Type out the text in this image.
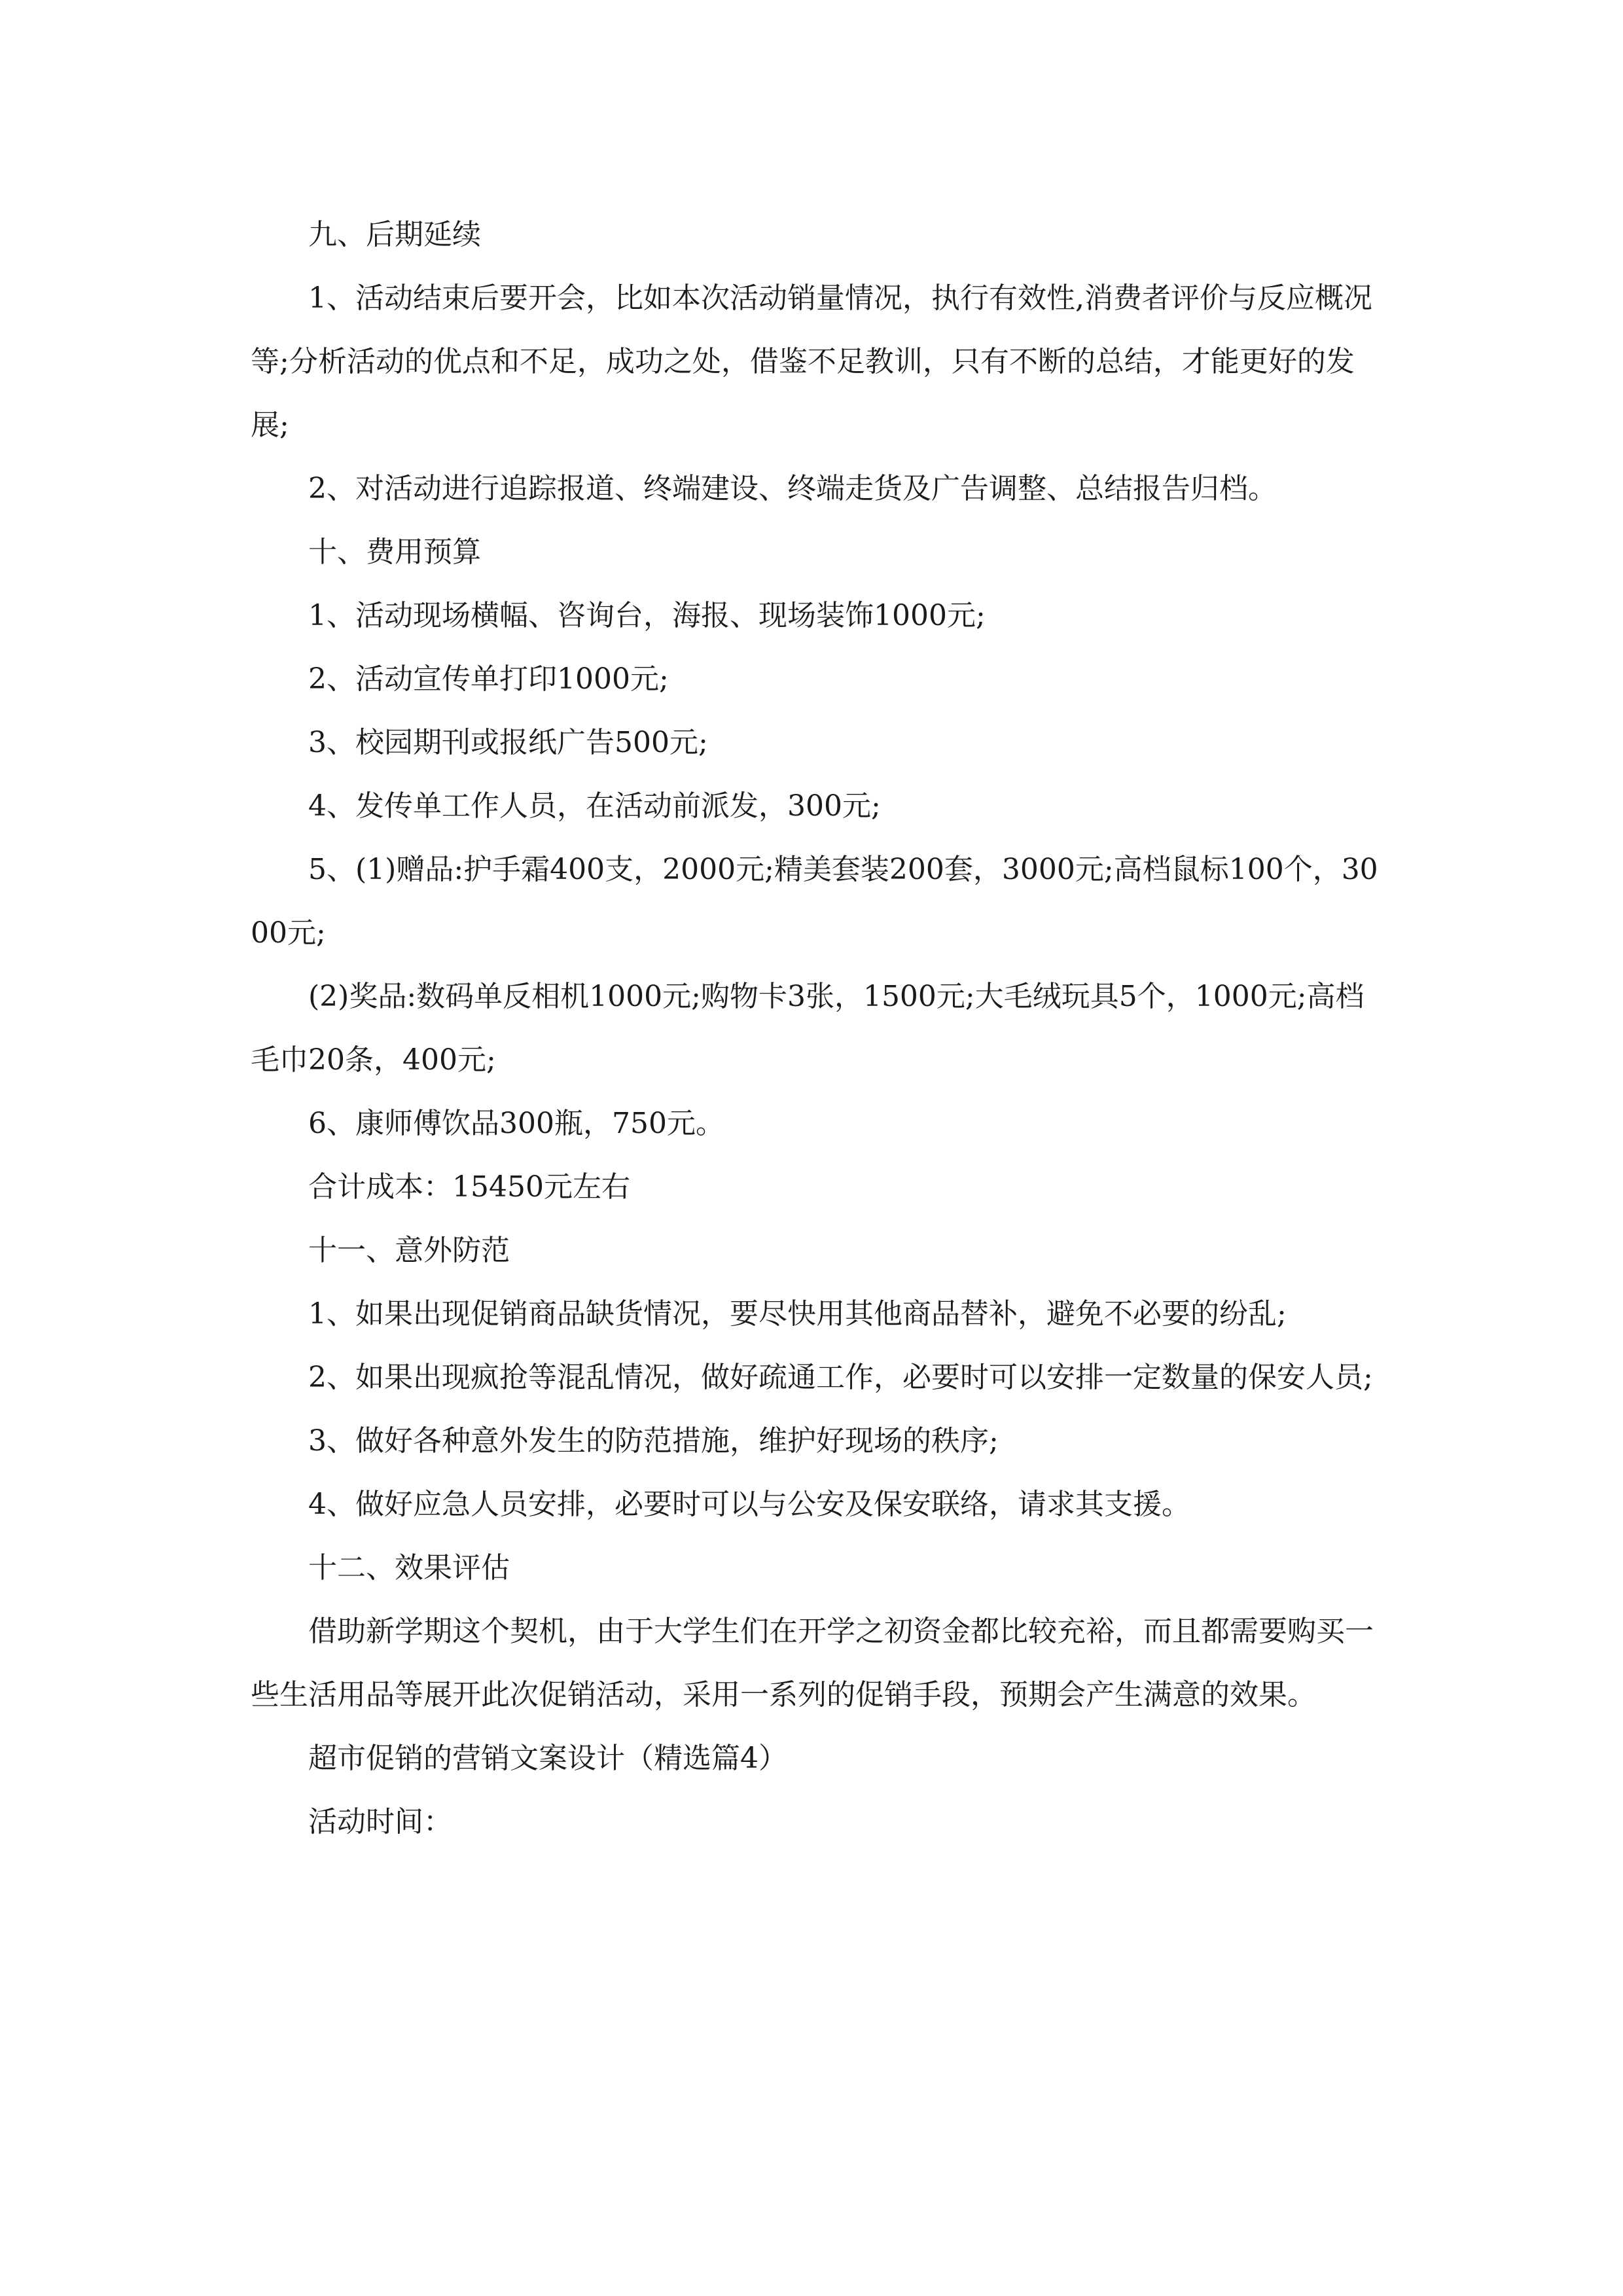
九、后期延续

1、活动结束后要开会，比如本次活动销量情况，执行有效性,消费者评价与反应概况等;分析活动的优点和不足，成功之处，借鉴不足教训，只有不断的总结，才能更好的发展;

2、对活动进行追踪报道、终端建设、终端走货及广告调整、总结报告归档。

十、费用预算

1、活动现场横幅、咨询台，海报、现场装饰1000元;

2、活动宣传单打印1000元;

3、校园期刊或报纸广告500元;

4、发传单工作人员，在活动前派发，300元;

5、(1)赠品:护手霜400支，2000元;精美套装200套，3000元;高档鼠标100个，3000元;

(2)奖品:数码单反相机1000元;购物卡3张，1500元;大毛绒玩具5个，1000元;高档毛巾20条，400元;

6、康师傅饮品300瓶，750元。

合计成本：15450元左右

十一、意外防范

1、如果出现促销商品缺货情况，要尽快用其他商品替补，避免不必要的纷乱;

2、如果出现疯抢等混乱情况，做好疏通工作，必要时可以安排一定数量的保安人员;

3、做好各种意外发生的防范措施，维护好现场的秩序;

4、做好应急人员安排，必要时可以与公安及保安联络，请求其支援。

十二、效果评估

借助新学期这个契机，由于大学生们在开学之初资金都比较充裕，而且都需要购买一些生活用品等展开此次促销活动，采用一系列的促销手段，预期会产生满意的效果。

超市促销的营销文案设计（精选篇4）

活动时间：
